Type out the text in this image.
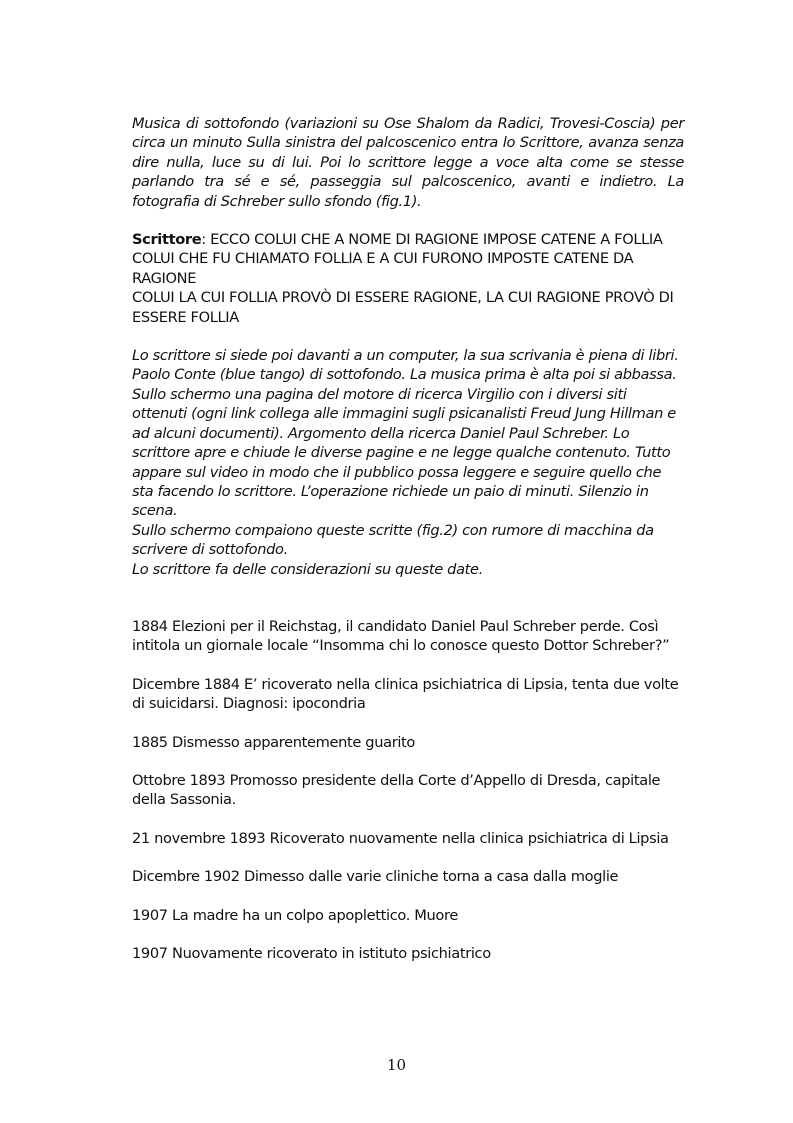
Musica di sottofondo (variazioni su Ose Shalom da Radici, Trovesi-Coscia) per circa un minuto Sulla sinistra del palcoscenico entra lo Scrittore, avanza senza dire nulla, luce su di lui. Poi lo scrittore legge a voce alta come se stesse parlando tra sé e sé, passeggia sul palcoscenico, avanti e indietro. La fotografia di Schreber sullo sfondo (fig.1).

Scrittore: ECCO COLUI CHE A NOME DI RAGIONE IMPOSE CATENE A FOLLIA
COLUI CHE FU CHIAMATO FOLLIA E A CUI FURONO IMPOSTE CATENE DA RAGIONE
COLUI LA CUI FOLLIA PROVÒ DI ESSERE RAGIONE, LA CUI RAGIONE PROVÒ DI ESSERE FOLLIA
Lo scrittore si siede poi davanti a un computer, la sua scrivania è piena di libri.
Paolo Conte (blue tango) di sottofondo. La musica prima è alta poi si abbassa. Sullo schermo una pagina del motore di ricerca Virgilio con i diversi siti ottenuti (ogni link collega alle immagini sugli psicanalisti Freud Jung Hillman e ad alcuni documenti). Argomento della ricerca Daniel Paul Schreber. Lo scrittore apre e chiude le diverse pagine e ne legge qualche contenuto. Tutto appare sul video in modo che il pubblico possa leggere e seguire quello che sta facendo lo scrittore. L’operazione richiede un paio di minuti. Silenzio in scena.
Sullo schermo compaiono queste scritte (fig.2) con rumore di macchina da scrivere di sottofondo.
Lo scrittore fa delle considerazioni su queste date.

1884 Elezioni per il Reichstag, il candidato Daniel Paul Schreber perde. Così intitola un giornale locale “Insomma chi lo conosce questo Dottor Schreber?”

Dicembre 1884 E’ ricoverato nella clinica psichiatrica di Lipsia, tenta due volte di suicidarsi. Diagnosi: ipocondria

1885 Dismesso apparentemente guarito

Ottobre 1893 Promosso presidente della Corte d’Appello di Dresda, capitale della Sassonia.

21 novembre 1893 Ricoverato nuovamente nella clinica psichiatrica di Lipsia

Dicembre 1902 Dimesso dalle varie cliniche torna a casa dalla moglie

1907 La madre ha un colpo apoplettico. Muore

1907 Nuovamente ricoverato in istituto psichiatrico

10
